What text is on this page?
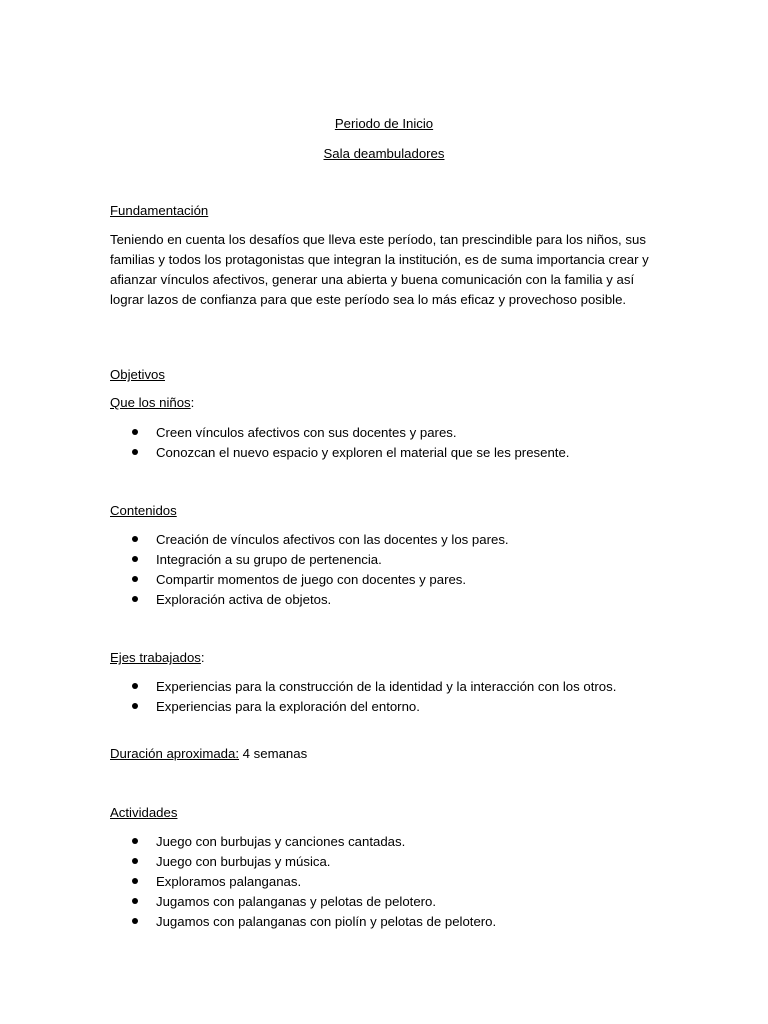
Periodo de Inicio
Sala deambuladores
Fundamentación

Teniendo en cuenta los desafíos que lleva este período, tan prescindible para los niños, sus familias y todos los protagonistas que integran la institución, es de suma importancia crear y afianzar vínculos afectivos, generar una abierta y buena comunicación con la familia y así lograr lazos de confianza para que este período sea lo más eficaz y provechoso posible.

Objetivos
Que los niños:
Creen vínculos afectivos con sus docentes y pares.
Conozcan el nuevo espacio y exploren el material que se les presente.
Contenidos
Creación de vínculos afectivos con las docentes y los pares.
Integración a su grupo de pertenencia.
Compartir momentos de juego con docentes y pares.
Exploración activa de objetos.
Ejes trabajados:
Experiencias para la construcción de la identidad y la interacción con los otros.
Experiencias para la exploración del entorno.
Duración aproximada: 4 semanas
Actividades
Juego con burbujas y canciones cantadas.
Juego con burbujas y música.
Exploramos palanganas.
Jugamos con palanganas y pelotas de pelotero.
Jugamos con palanganas con piolín y pelotas de pelotero.
